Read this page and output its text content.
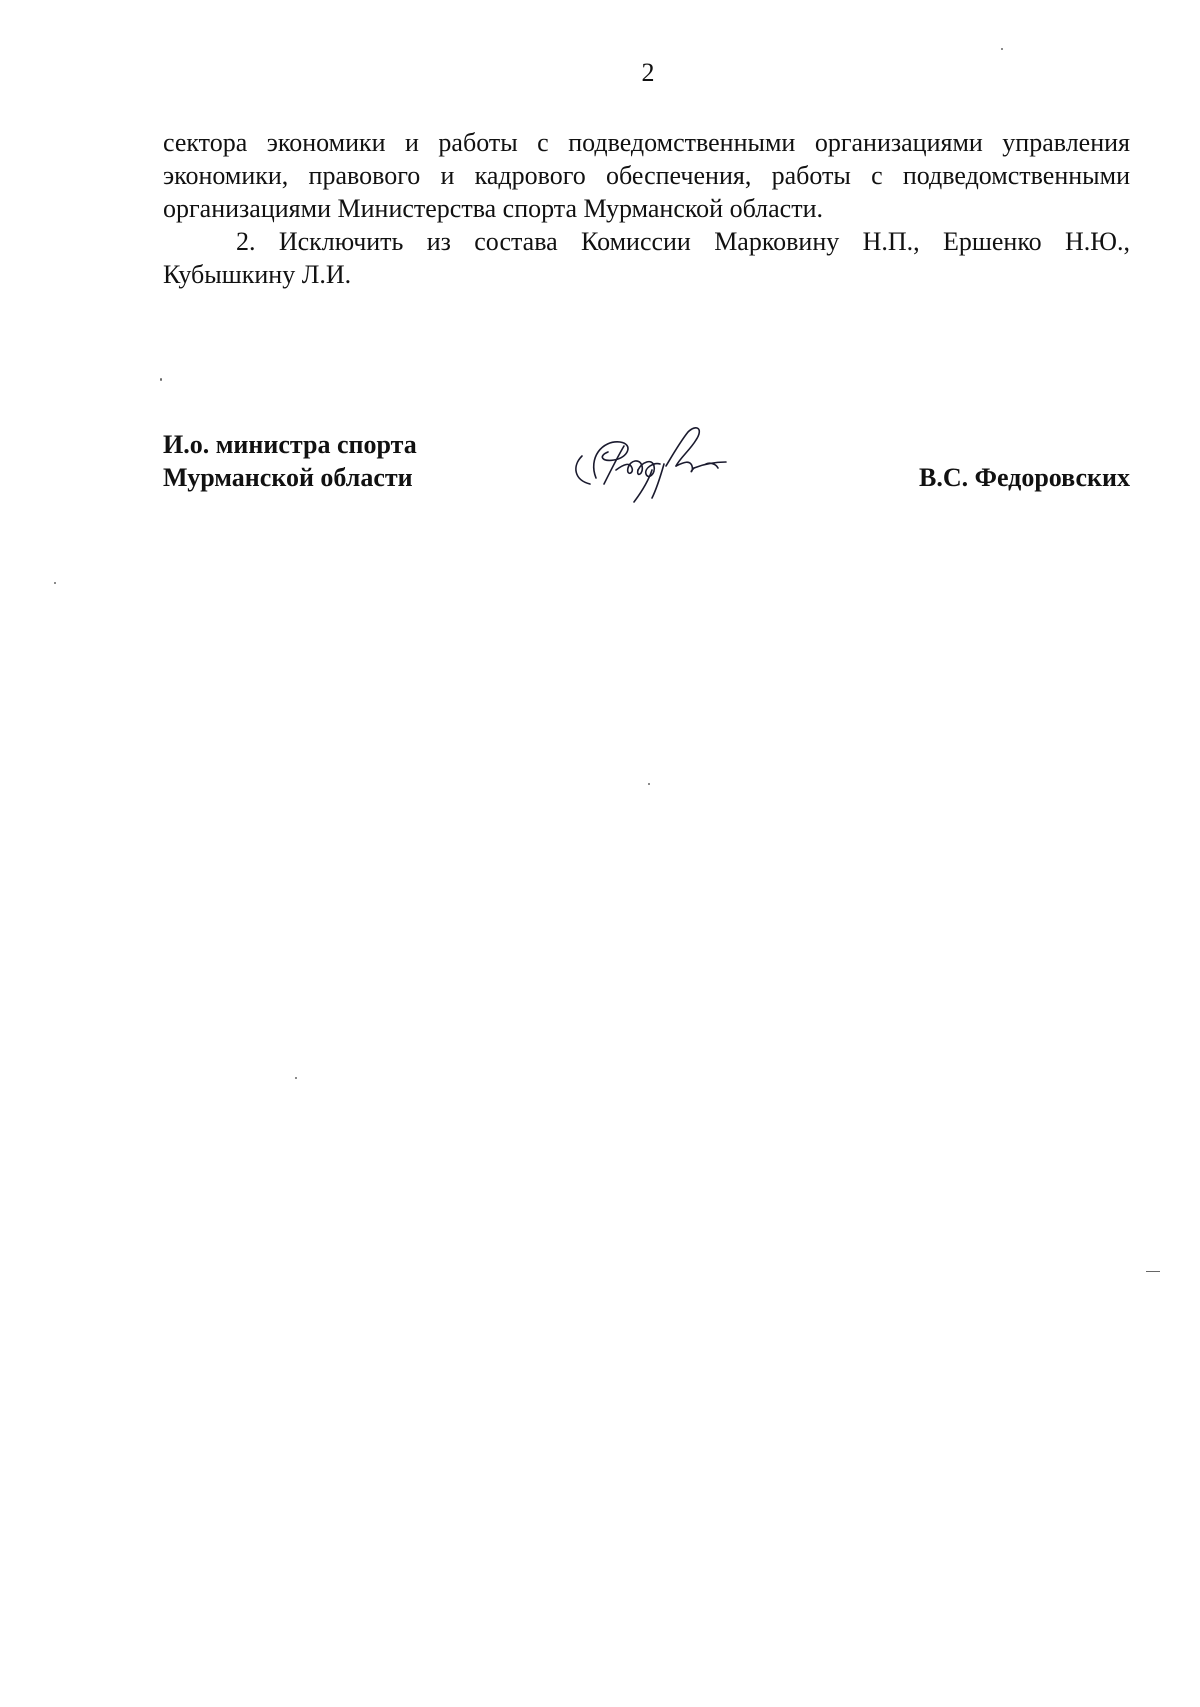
2

сектора экономики и работы с подведомственными организациями управления экономики, правового и кадрового обеспечения, работы с подведомственными организациями Министерства спорта Мурманской области.

2. Исключить из состава Комиссии Марковину Н.П., Ершенко Н.Ю., Кубышкину Л.И.

И.о. министра спорта
Мурманской области	В.С. Федоровских
